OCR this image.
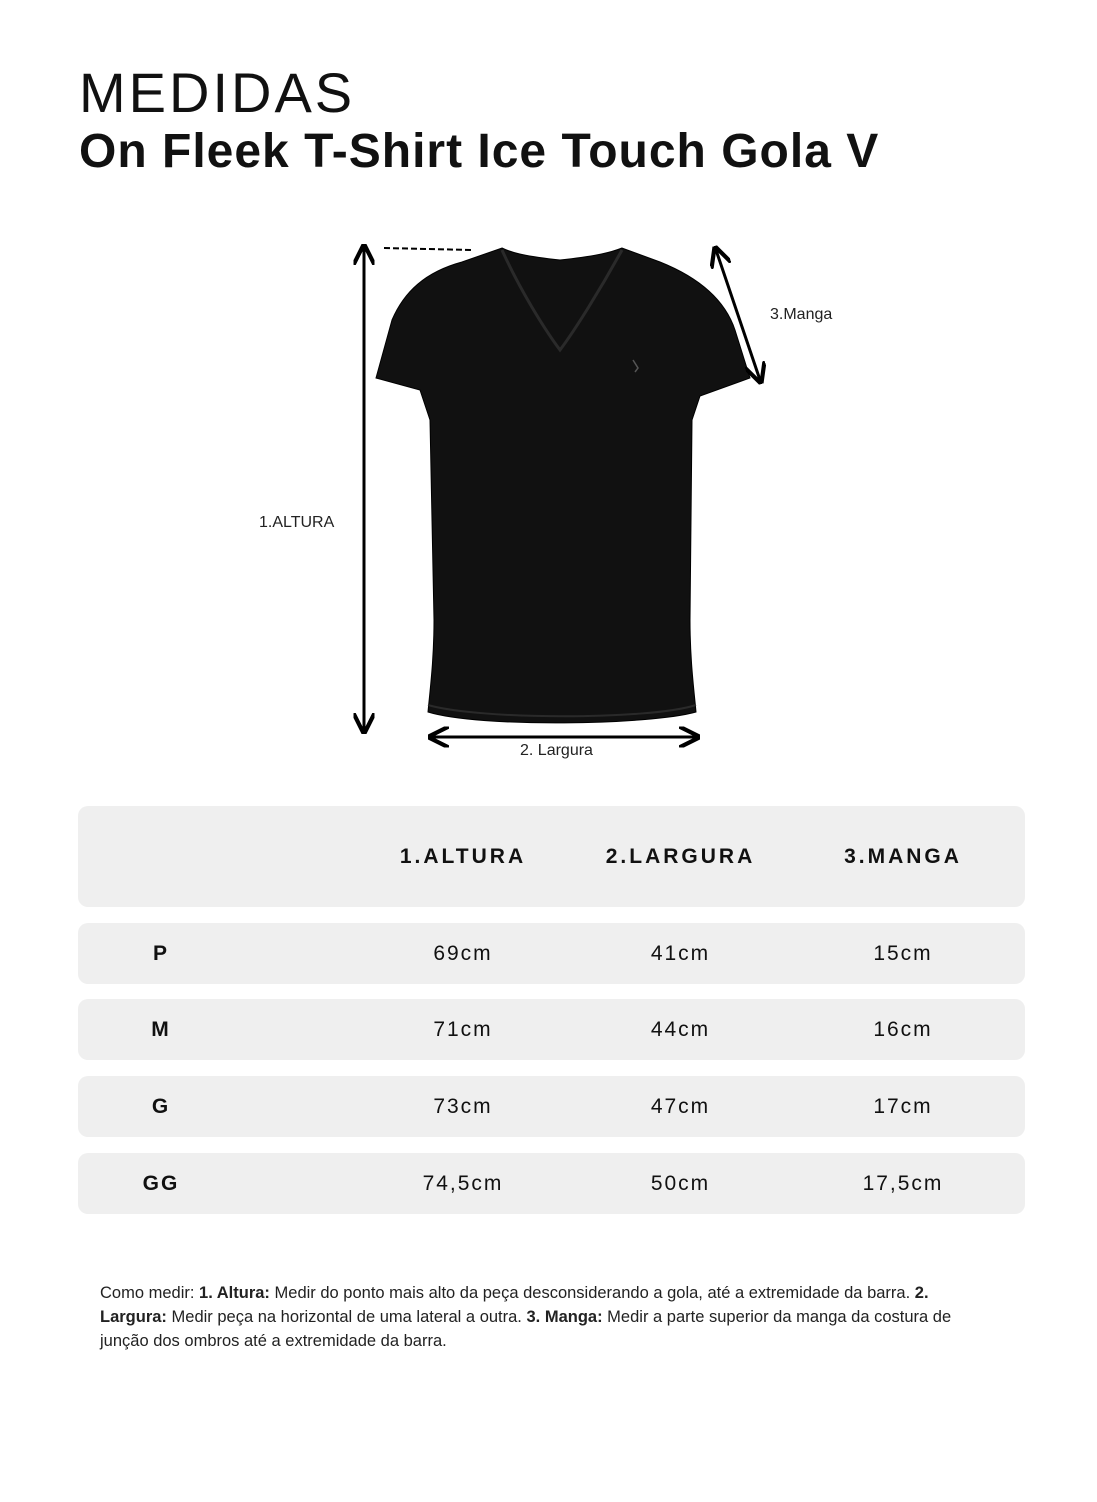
MEDIDAS
On Fleek T-Shirt Ice Touch Gola V
1.ALTURA
2. Largura
3.Manga
1.ALTURA	2.LARGURA	3.MANGA
P	69cm	41cm	15cm
M	71cm	44cm	16cm
G	73cm	47cm	17cm
GG	74,5cm	50cm	17,5cm

Como medir: 1. Altura: Medir do ponto mais alto da peça desconsiderando a gola, até a extremidade da barra. 2. Largura: Medir peça na horizontal de uma lateral a outra. 3. Manga: Medir a parte superior da manga da costura de junção dos ombros até a extremidade da barra.
